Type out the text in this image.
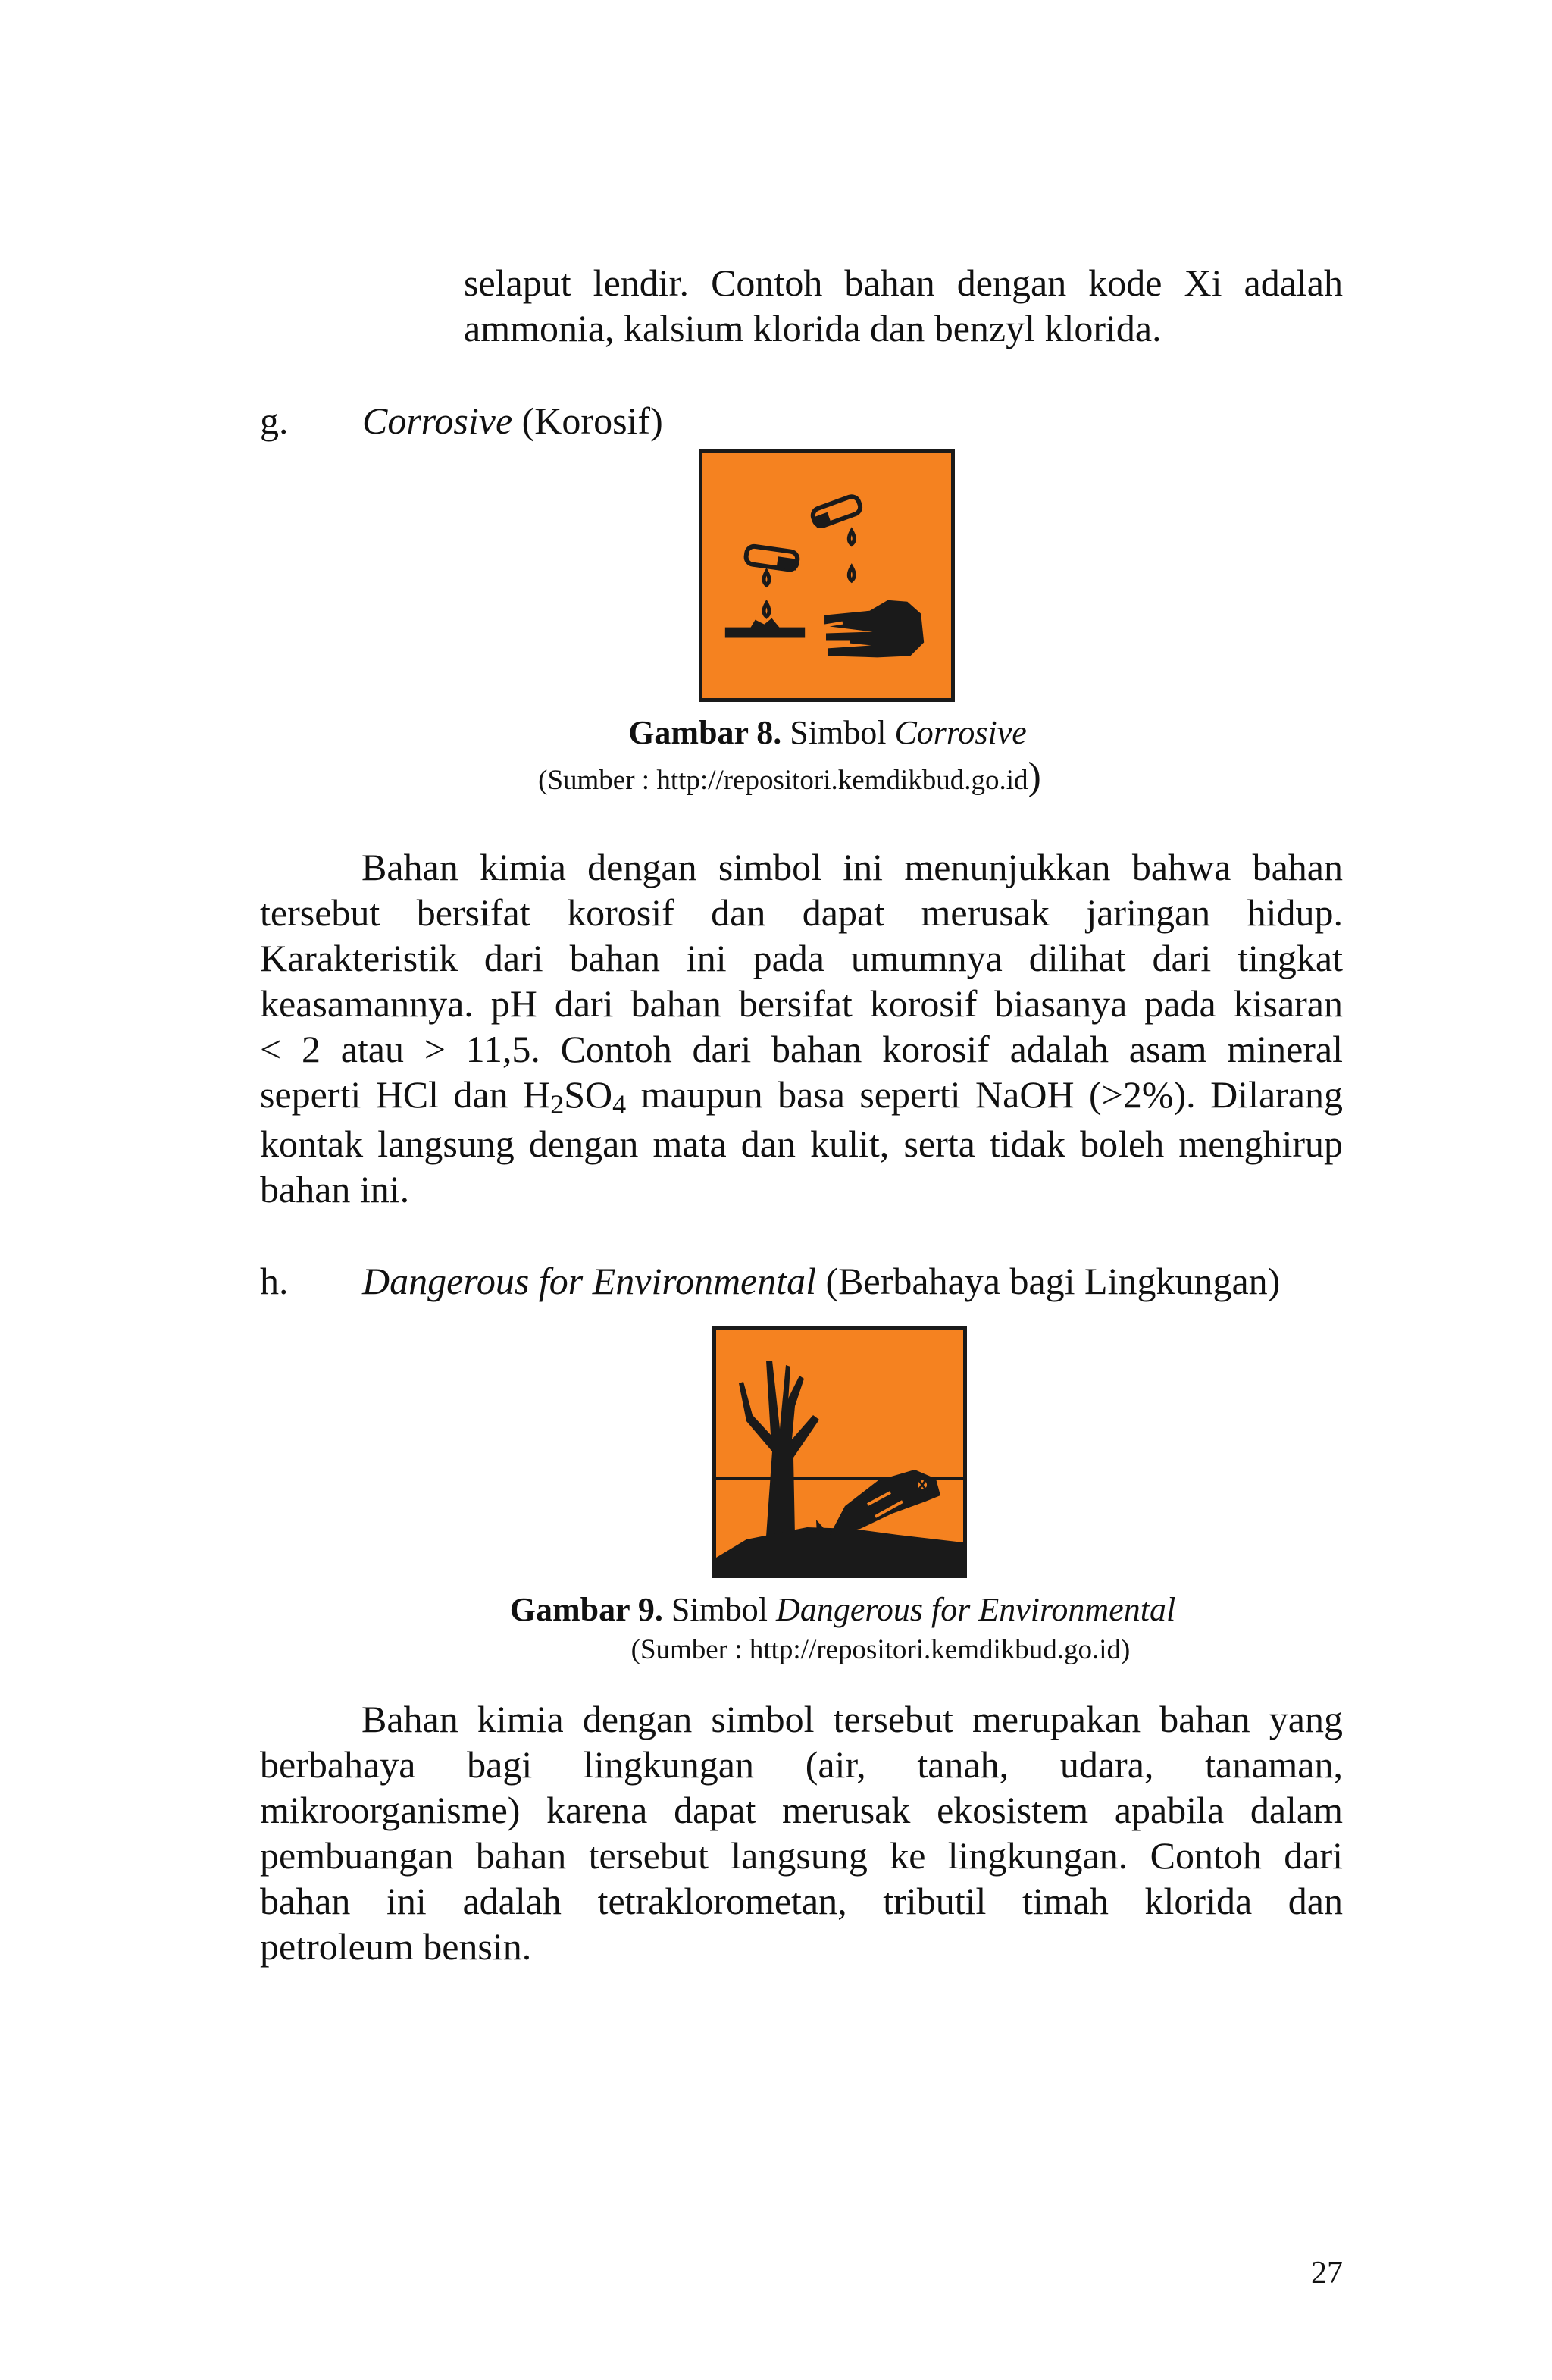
selaput lendir. Contoh bahan dengan kode Xi adalah
ammonia, kalsium klorida dan benzyl klorida.
g. Corrosive (Korosif)
Gambar 8. Simbol Corrosive
(Sumber : http://repositori.kemdikbud.go.id)
Bahan kimia dengan simbol ini menunjukkan bahwa bahan
tersebut bersifat korosif dan dapat merusak jaringan hidup.
Karakteristik dari bahan ini pada umumnya dilihat dari tingkat
keasamannya. pH dari bahan bersifat korosif biasanya pada kisaran
< 2 atau > 11,5. Contoh dari bahan korosif adalah asam mineral
seperti HCl dan $H_2SO_4$ maupun basa seperti NaOH (>2%). Dilarang
kontak langsung dengan mata dan kulit, serta tidak boleh menghirup
bahan ini.
h. Dangerous for Environmental (Berbahaya bagi Lingkungan)
Gambar 9. Simbol Dangerous for Environmental
(Sumber : http://repositori.kemdikbud.go.id)
Bahan kimia dengan simbol tersebut merupakan bahan yang
berbahaya bagi lingkungan (air, tanah, udara, tanaman,
mikroorganisme) karena dapat merusak ekosistem apabila dalam
pembuangan bahan tersebut langsung ke lingkungan. Contoh dari
bahan ini adalah tetraklorometan, tributil timah klorida dan
petroleum bensin.
27
